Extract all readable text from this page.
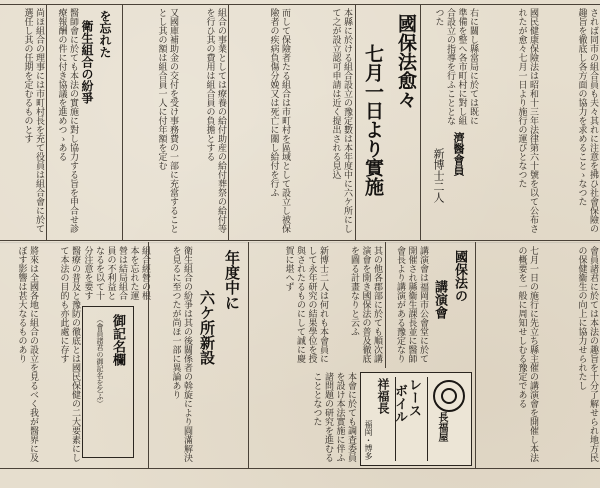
されば同市の組合員も夫々其れに注意を拂ひ社會保險の趣旨を徹底し各方面の協力を求めることゝなつた
國民健康保險法は昭和十三年法律第六十號を以て公布されたが愈々七月一日より施行の運びとなつた
右に關し縣當局に於ては既に準備を整へ各市町村に對し組合設立の指導を行ふこととなつた
濟醫會員
新博士二人
國保法愈々
七月一日より實施
本縣に於ける組合設立の豫定數は本年度中に六ケ所にして之が設立認可申請は近く提出される見込
而して保險者たる組合は市町村を區域として設立し被保險者の疾病負傷分娩又は死亡に關し給付を行ふ
組合の事業としては療養の給付助産の給付葬祭の給付等を行ひ其の費用は組合員の負擔とする
又國庫補助金の交付を受け事務費の一部に充當することとし其の額は組合員一人に付年額を定む
を忘れた
衛生組合の紛爭
醫師會に於ても本法の實施に對し協力する旨を申合せ診療報酬の件に付き協議を進めつゝある
尚ほ組合の理事には市町村長を充て役員は組合會に於て選任し其の任期を定むるものとす
會員諸君に於ては本法の趣旨を十分了解せられ地方民の保健衞生の向上に協力せられたし
七月一日の施行に先立ち縣主催の講演會を開催し本法の概要を一般に周知せしむる豫定である
國保法の
講演會
講演會は福岡市公會堂に於て開催され縣衞生課長並に醫師會長より講演がある豫定なり
其の他各郡部に於ても順次講演會を開き國保法の普及徹底を圖る計畫なりと云ふ
新博士二人は何れも本會員にして永年研究の結果學位を授與されたるものにして誠に慶賀に堪へず
年度中に
六ケ所新設
衛生組合の紛爭は其の後關係者の斡旋により圓滿解決を見るに至つたが尚ほ一部に異論あり
御記名欄
（會員諸君の御記名を乞ふ）
組合經營の根本を忘れた運營は結局組合員の不利益となるを以て十分注意を要す
醫療の普及と豫防の徹底とは國民保健の二大要素にして本法の目的も亦此處に存す
將來は全國各地に組合の設立を見るべく我が醫界に及ぼす影響は甚大なるものあり
本會に於ても調査委員を設け本法實施に伴ふ諸問題の研究を進むることとなつた
長福屋
レース
ボイル
祥福長
福岡・博多
